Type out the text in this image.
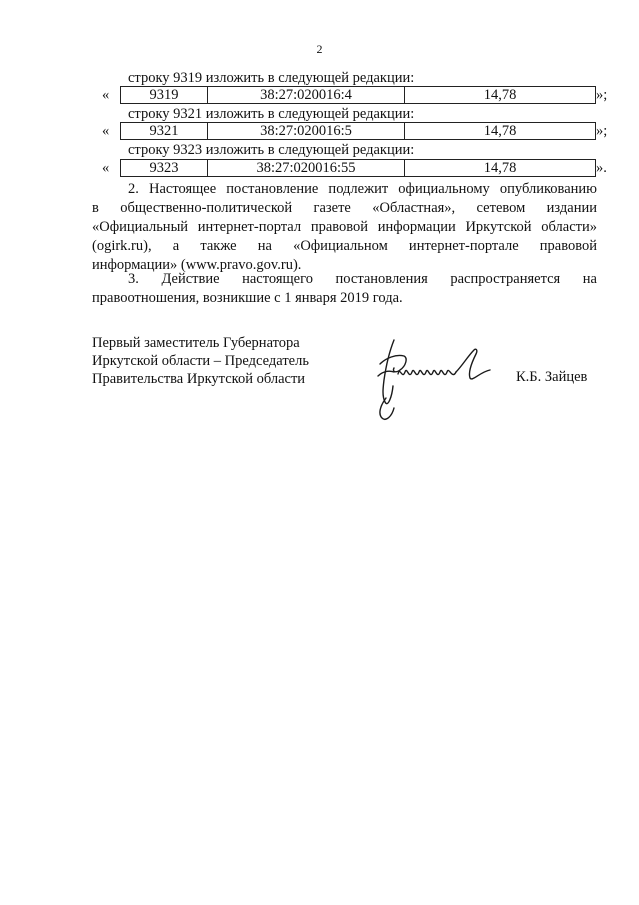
2
строку 9319 изложить в следующей редакции:
«	9319	38:27:020016:4	14,78	»;
строку 9321 изложить в следующей редакции:
«	9321	38:27:020016:5	14,78	»;
строку 9323 изложить в следующей редакции:
«	9323	38:27:020016:55	14,78	».
2. Настоящее постановление подлежит официальному опубликованию
в общественно-политической газете «Областная», сетевом издании
«Официальный интернет-портал правовой информации Иркутской области»
(ogirk.ru), а также на «Официальном интернет-портале правовой
информации» (www.pravo.gov.ru).
3. Действие настоящего постановления распространяется на
правоотношения, возникшие с 1 января 2019 года.
Первый заместитель Губернатора
Иркутской области – Председатель
Правительства Иркутской области	К.Б. Зайцев
